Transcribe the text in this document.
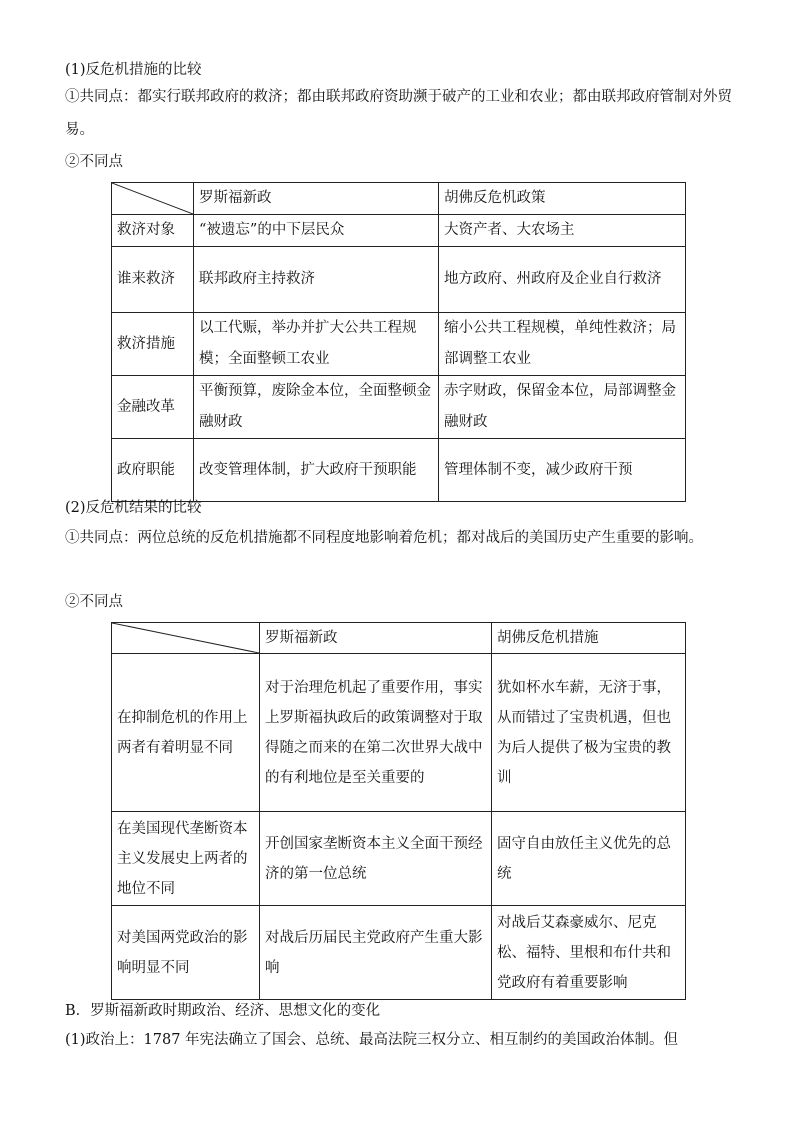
(1)反危机措施的比较
①共同点：都实行联邦政府的救济；都由联邦政府资助濒于破产的工业和农业；都由联邦政府管制对外贸易。
②不同点
	罗斯福新政	胡佛反危机政策
救济对象	“被遗忘”的中下层民众	大资产者、大农场主
谁来救济	联邦政府主持救济	地方政府、州政府及企业自行救济
救济措施	以工代赈，举办并扩大公共工程规模；全面整顿工农业	缩小公共工程规模，单纯性救济；局部调整工农业
金融改革	平衡预算，废除金本位，全面整顿金融财政	赤字财政，保留金本位，局部调整金融财政
政府职能	改变管理体制，扩大政府干预职能	管理体制不变，减少政府干预
(2)反危机结果的比较
①共同点：两位总统的反危机措施都不同程度地影响着危机；都对战后的美国历史产生重要的影响。
②不同点
	罗斯福新政	胡佛反危机措施
在抑制危机的作用上两者有着明显不同	对于治理危机起了重要作用，事实上罗斯福执政后的政策调整对于取得随之而来的在第二次世界大战中的有利地位是至关重要的	犹如杯水车薪，无济于事，从而错过了宝贵机遇，但也为后人提供了极为宝贵的教训
在美国现代垄断资本主义发展史上两者的地位不同	开创国家垄断资本主义全面干预经济的第一位总统	固守自由放任主义优先的总统
对美国两党政治的影响明显不同	对战后历届民主党政府产生重大影响	对战后艾森豪威尔、尼克松、福特、里根和布什共和党政府有着重要影响
B．罗斯福新政时期政治、经济、思想文化的变化
(1)政治上：1787 年宪法确立了国会、总统、最高法院三权分立、相互制约的美国政治体制。但
